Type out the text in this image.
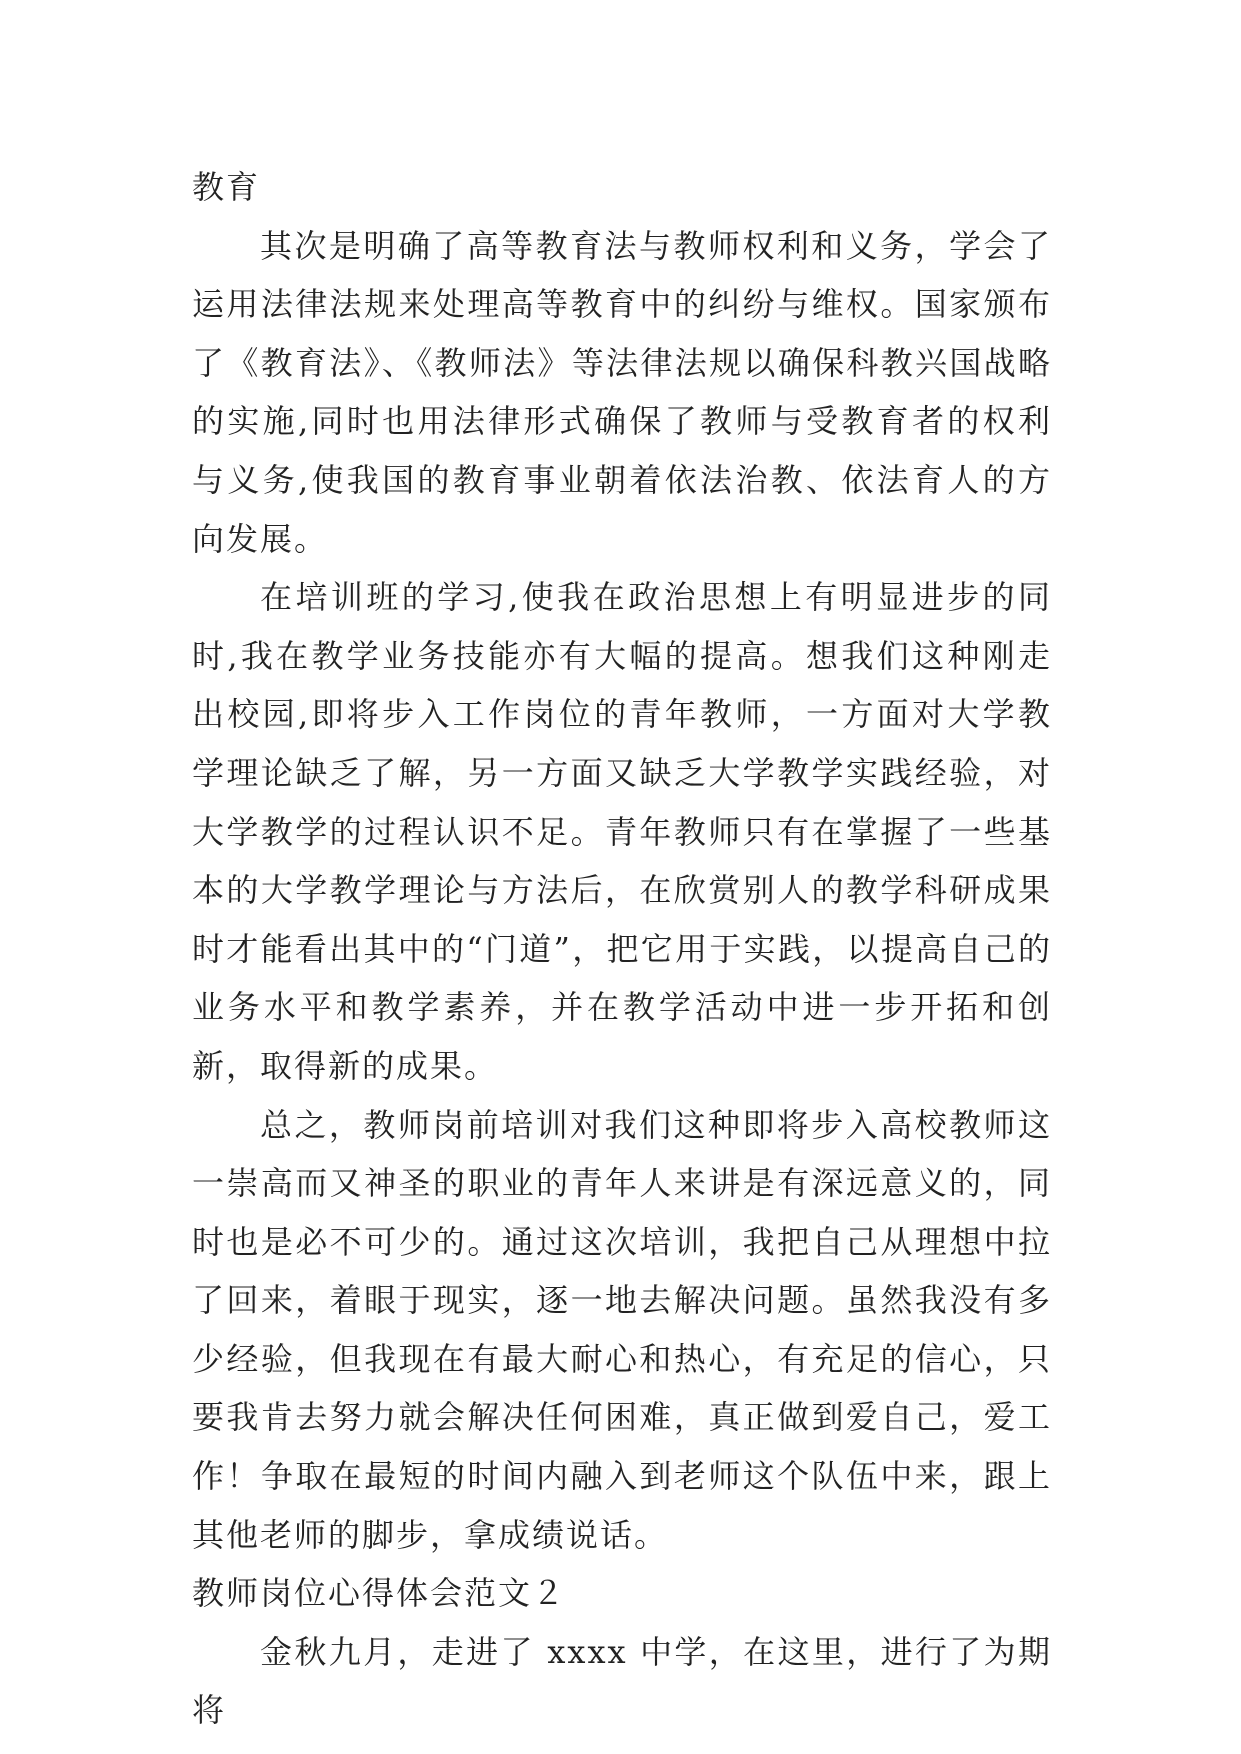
教育

其次是明确了高等教育法与教师权利和义务，学会了运用法律法规来处理高等教育中的纠纷与维权。国家颁布了《教育法》、《教师法》等法律法规以确保科教兴国战略的实施,同时也用法律形式确保了教师与受教育者的权利与义务,使我国的教育事业朝着依法治教、依法育人的方向发展。

在培训班的学习,使我在政治思想上有明显进步的同时,我在教学业务技能亦有大幅的提高。想我们这种刚走出校园,即将步入工作岗位的青年教师，一方面对大学教学理论缺乏了解，另一方面又缺乏大学教学实践经验，对大学教学的过程认识不足。青年教师只有在掌握了一些基本的大学教学理论与方法后，在欣赏别人的教学科研成果时才能看出其中的“门道”，把它用于实践，以提高自己的业务水平和教学素养，并在教学活动中进一步开拓和创新，取得新的成果。

总之，教师岗前培训对我们这种即将步入高校教师这一崇高而又神圣的职业的青年人来讲是有深远意义的，同时也是必不可少的。通过这次培训，我把自己从理想中拉了回来，着眼于现实，逐一地去解决问题。虽然我没有多少经验，但我现在有最大耐心和热心，有充足的信心，只要我肯去努力就会解决任何困难，真正做到爱自己，爱工作！争取在最短的时间内融入到老师这个队伍中来，跟上其他老师的脚步，拿成绩说话。

教师岗位心得体会范文２

金秋九月，走进了 xxxx 中学，在这里，进行了为期将
